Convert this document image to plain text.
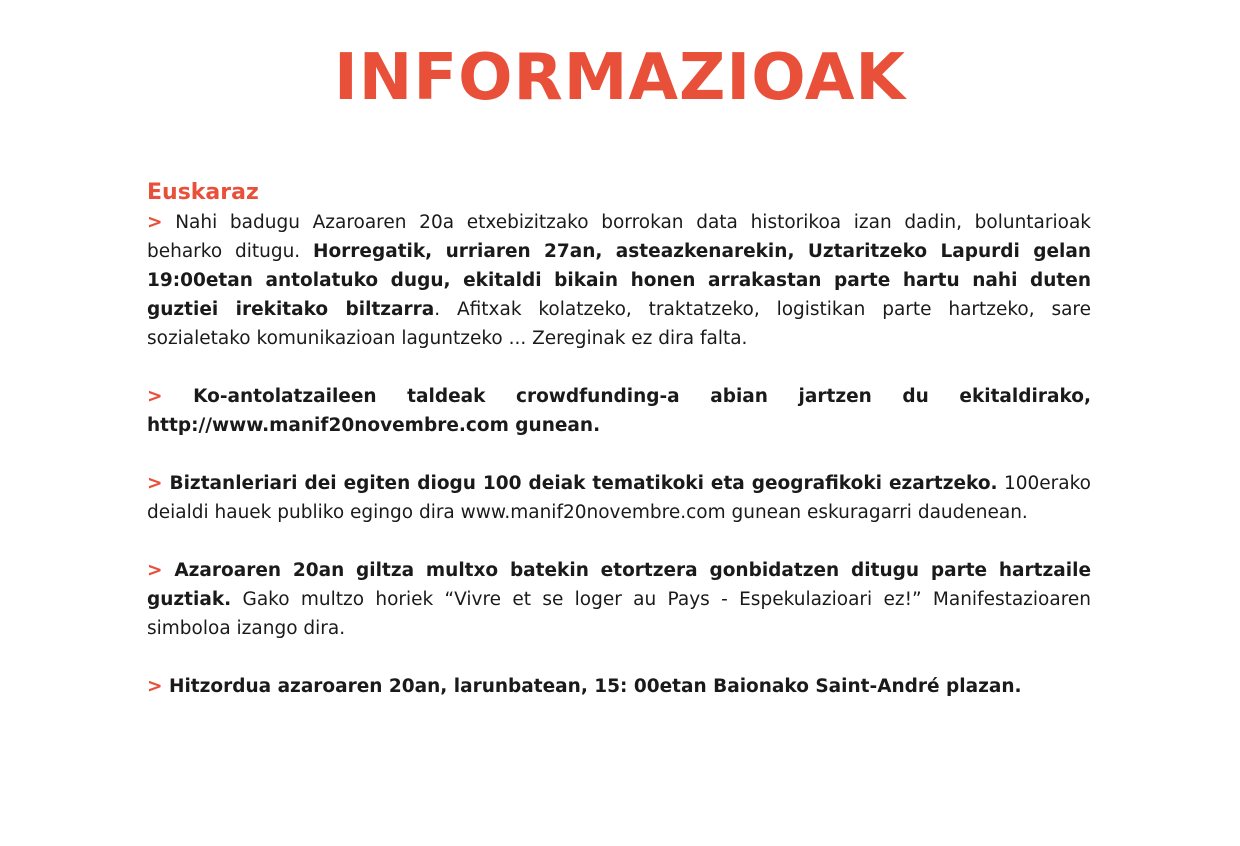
INFORMAZIOAK
Euskaraz

> Nahi badugu Azaroaren 20a etxebizitzako borrokan data historikoa izan dadin, boluntarioak beharko ditugu. Horregatik, urriaren 27an, asteazkenarekin, Uztaritzeko Lapurdi gelan 19:00etan antolatuko dugu, ekitaldi bikain honen arrakastan parte hartu nahi duten guztiei irekitako biltzarra. Afitxak kolatzeko, traktatzeko, logistikan parte hartzeko, sare sozialetako komunikazioan laguntzeko ... Zereginak ez dira falta.

> Ko-antolatzaileen taldeak crowdfunding-a abian jartzen du ekitaldirako, http://www.manif20novembre.com gunean.

> Biztanleriari dei egiten diogu 100 deiak tematikoki eta geografikoki ezartzeko. 100erako deialdi hauek publiko egingo dira www.manif20novembre.com gunean eskuragarri daudenean.

> Azaroaren 20an giltza multxo batekin etortzera gonbidatzen ditugu parte hartzaile guztiak. Gako multzo horiek “Vivre et se loger au Pays - Espekulazioari ez!” Manifestazioaren simboloa izango dira.

> Hitzordua azaroaren 20an, larunbatean, 15: 00etan Baionako Saint-André plazan.
